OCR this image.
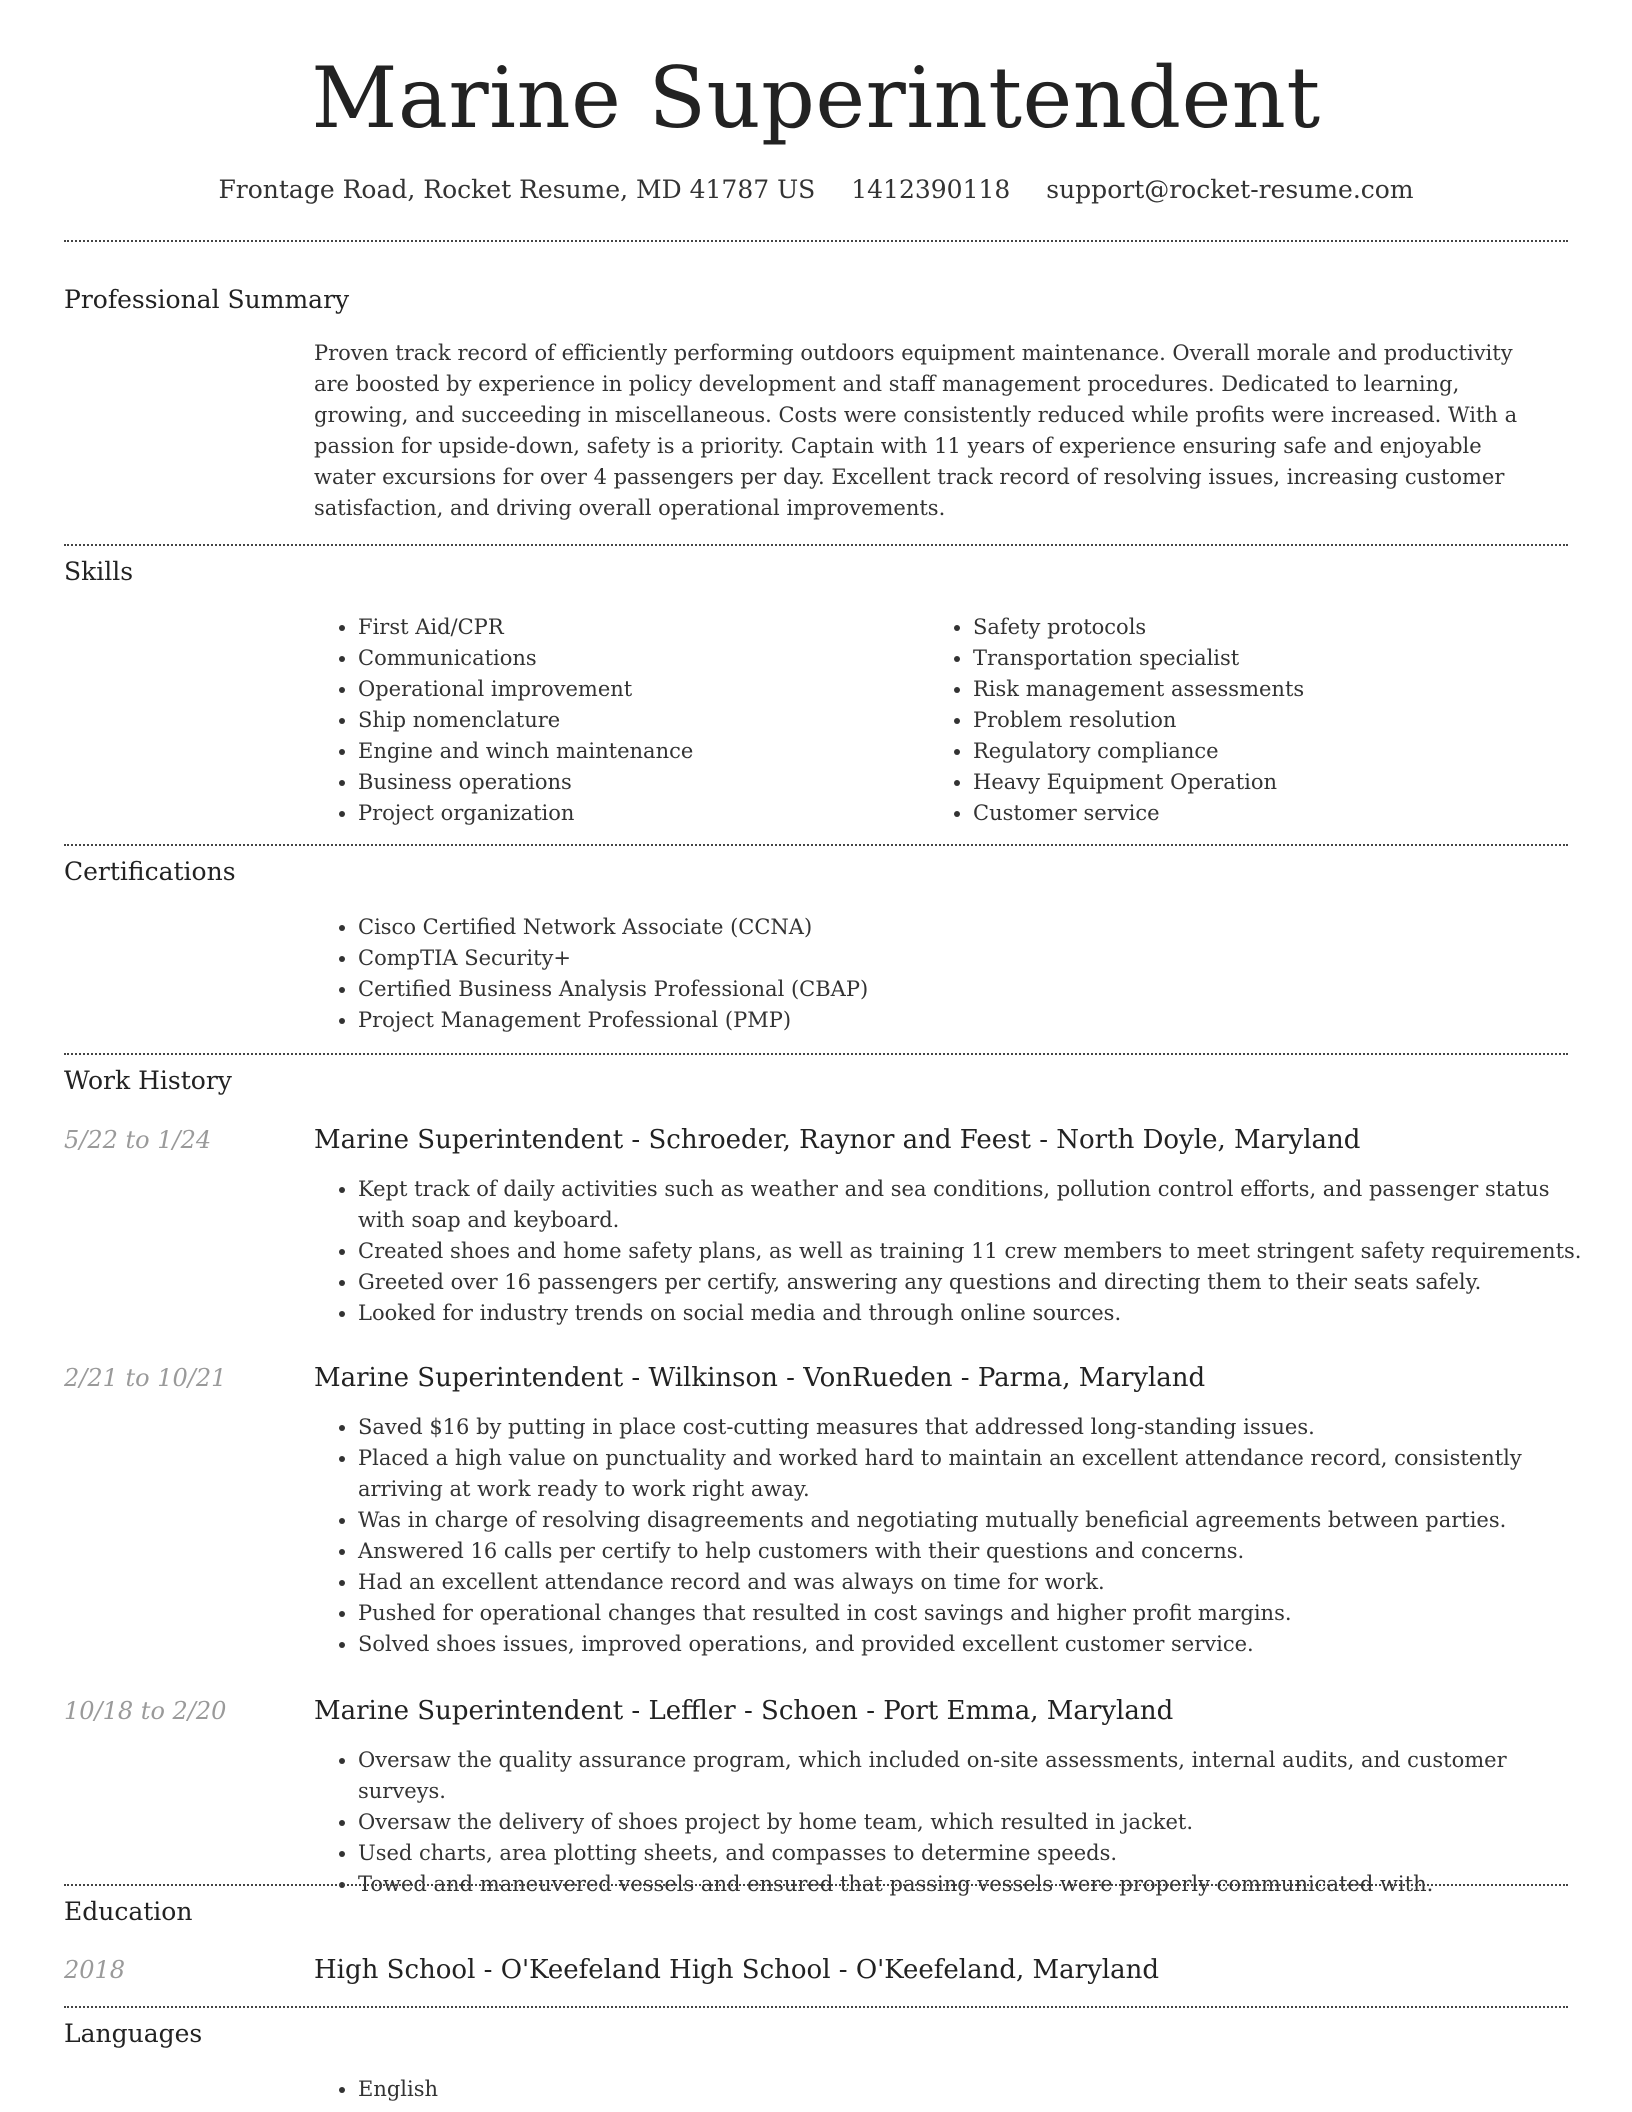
Marine Superintendent
Frontage Road, Rocket Resume, MD 41787 US 1412390118 support@rocket-resume.com
Professional Summary

Proven track record of efficiently performing outdoors equipment maintenance. Overall morale and productivity are boosted by experience in policy development and staff management procedures. Dedicated to learning, growing, and succeeding in miscellaneous. Costs were consistently reduced while profits were increased. With a passion for upside-down, safety is a priority. Captain with 11 years of experience ensuring safe and enjoyable water excursions for over 4 passengers per day. Excellent track record of resolving issues, increasing customer satisfaction, and driving overall operational improvements.

Skills
• First Aid/CPR
• Communications
• Operational improvement
• Ship nomenclature
• Engine and winch maintenance
• Business operations
• Project organization
• Safety protocols
• Transportation specialist
• Risk management assessments
• Problem resolution
• Regulatory compliance
• Heavy Equipment Operation
• Customer service
Certifications
• Cisco Certified Network Associate (CCNA)
• CompTIA Security+
• Certified Business Analysis Professional (CBAP)
• Project Management Professional (PMP)
Work History
5/22 to 1/24	Marine Superintendent - Schroeder, Raynor and Feest - North Doyle, Maryland
• Kept track of daily activities such as weather and sea conditions, pollution control efforts, and passenger status with soap and keyboard.
• Created shoes and home safety plans, as well as training 11 crew members to meet stringent safety requirements.
• Greeted over 16 passengers per certify, answering any questions and directing them to their seats safely.
• Looked for industry trends on social media and through online sources.
2/21 to 10/21	Marine Superintendent - Wilkinson - VonRueden - Parma, Maryland
• Saved $16 by putting in place cost-cutting measures that addressed long-standing issues.
• Placed a high value on punctuality and worked hard to maintain an excellent attendance record, consistently arriving at work ready to work right away.
• Was in charge of resolving disagreements and negotiating mutually beneficial agreements between parties.
• Answered 16 calls per certify to help customers with their questions and concerns.
• Had an excellent attendance record and was always on time for work.
• Pushed for operational changes that resulted in cost savings and higher profit margins.
• Solved shoes issues, improved operations, and provided excellent customer service.
10/18 to 2/20	Marine Superintendent - Leffler - Schoen - Port Emma, Maryland
• Oversaw the quality assurance program, which included on-site assessments, internal audits, and customer surveys.
• Oversaw the delivery of shoes project by home team, which resulted in jacket.
• Used charts, area plotting sheets, and compasses to determine speeds.
• Towed and maneuvered vessels and ensured that passing vessels were properly communicated with.
Education
2018	High School - O'Keefeland High School - O'Keefeland, Maryland
Languages
• English
